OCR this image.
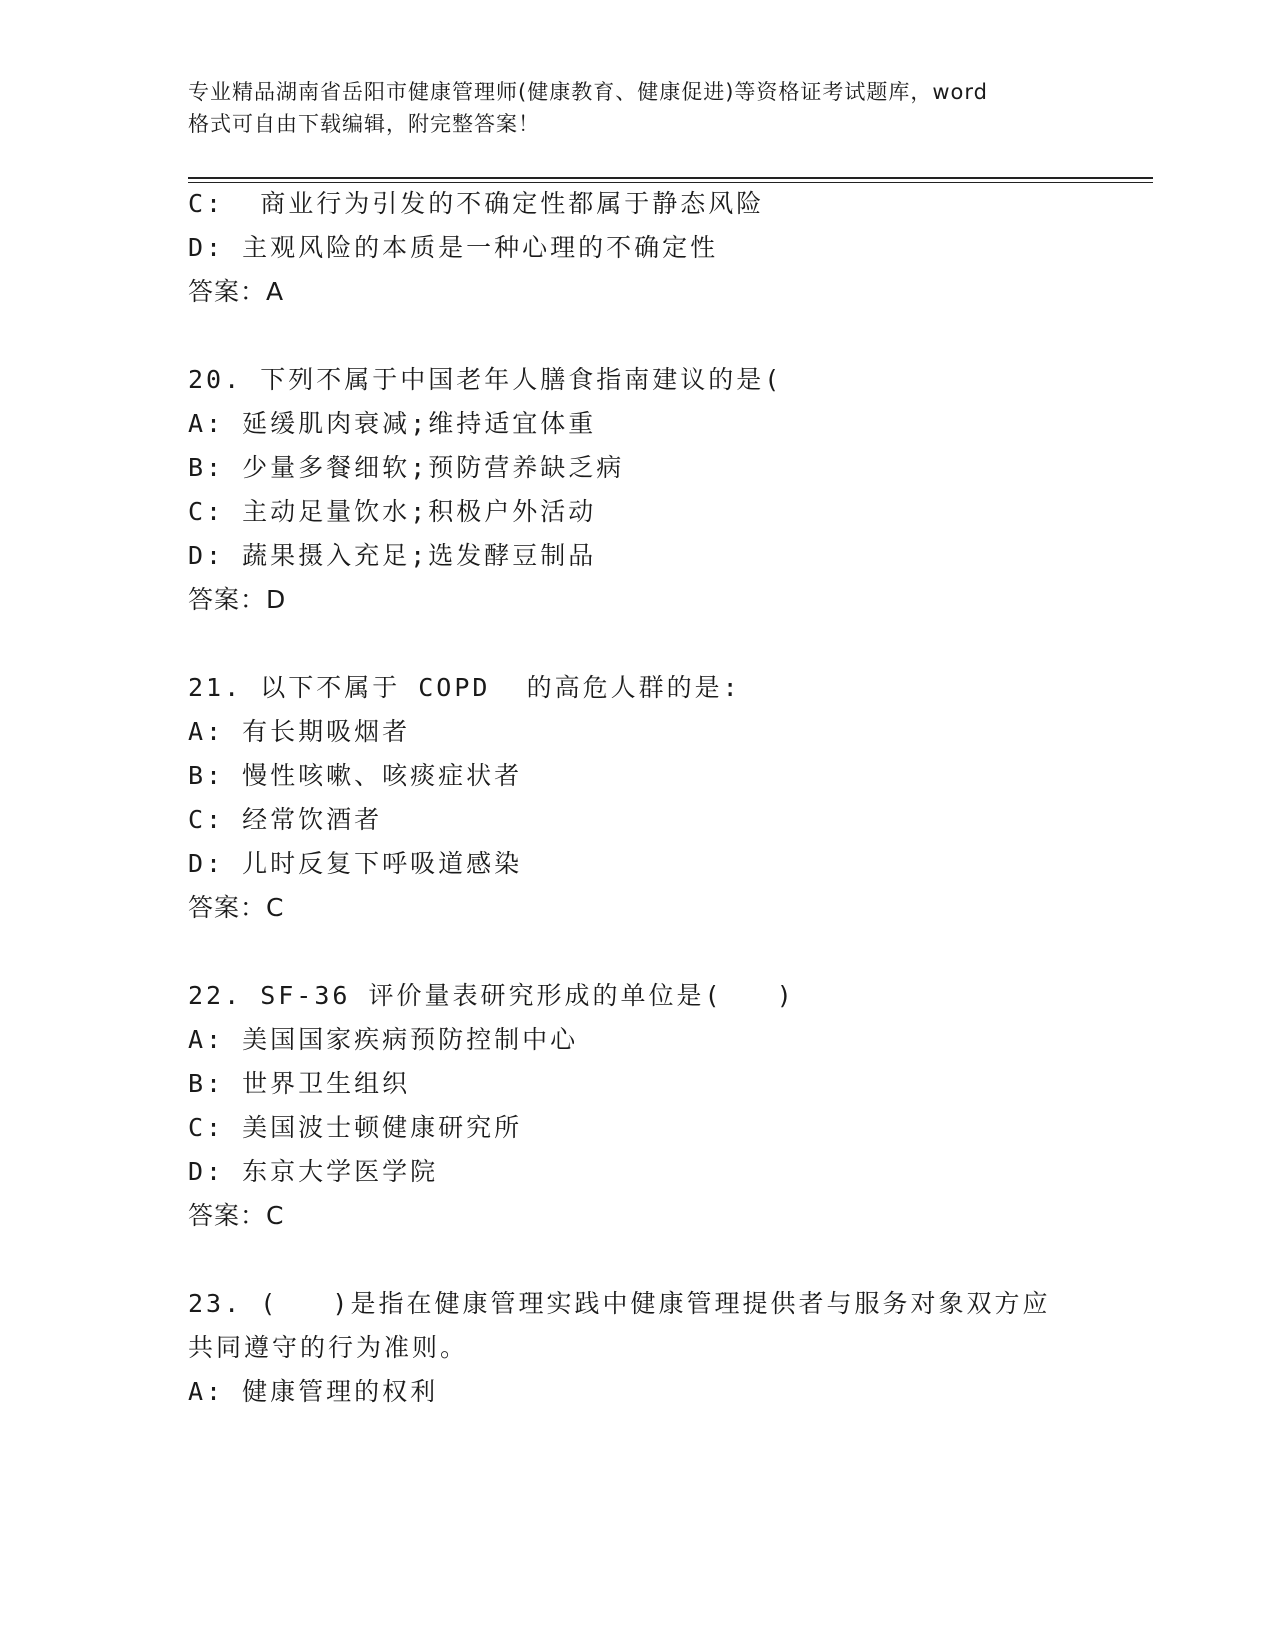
专业精品湖南省岳阳市健康管理师(健康教育、健康促进)等资格证考试题库，word
格式可自由下载编辑，附完整答案！
C:  商业行为引发的不确定性都属于静态风险
D: 主观风险的本质是一种心理的不确定性
答案：A
20. 下列不属于中国老年人膳食指南建议的是(
A: 延缓肌肉衰减;维持适宜体重
B: 少量多餐细软;预防营养缺乏病
C: 主动足量饮水;积极户外活动
D: 蔬果摄入充足;选发酵豆制品
答案：D
21. 以下不属于 COPD  的高危人群的是:
A: 有长期吸烟者
B: 慢性咳嗽、咳痰症状者
C: 经常饮酒者
D: 儿时反复下呼吸道感染
答案：C
22. SF-36 评价量表研究形成的单位是(   )
A: 美国国家疾病预防控制中心
B: 世界卫生组织
C: 美国波士顿健康研究所
D: 东京大学医学院
答案：C
23. (   )是指在健康管理实践中健康管理提供者与服务对象双方应
共同遵守的行为准则。
A: 健康管理的权利
